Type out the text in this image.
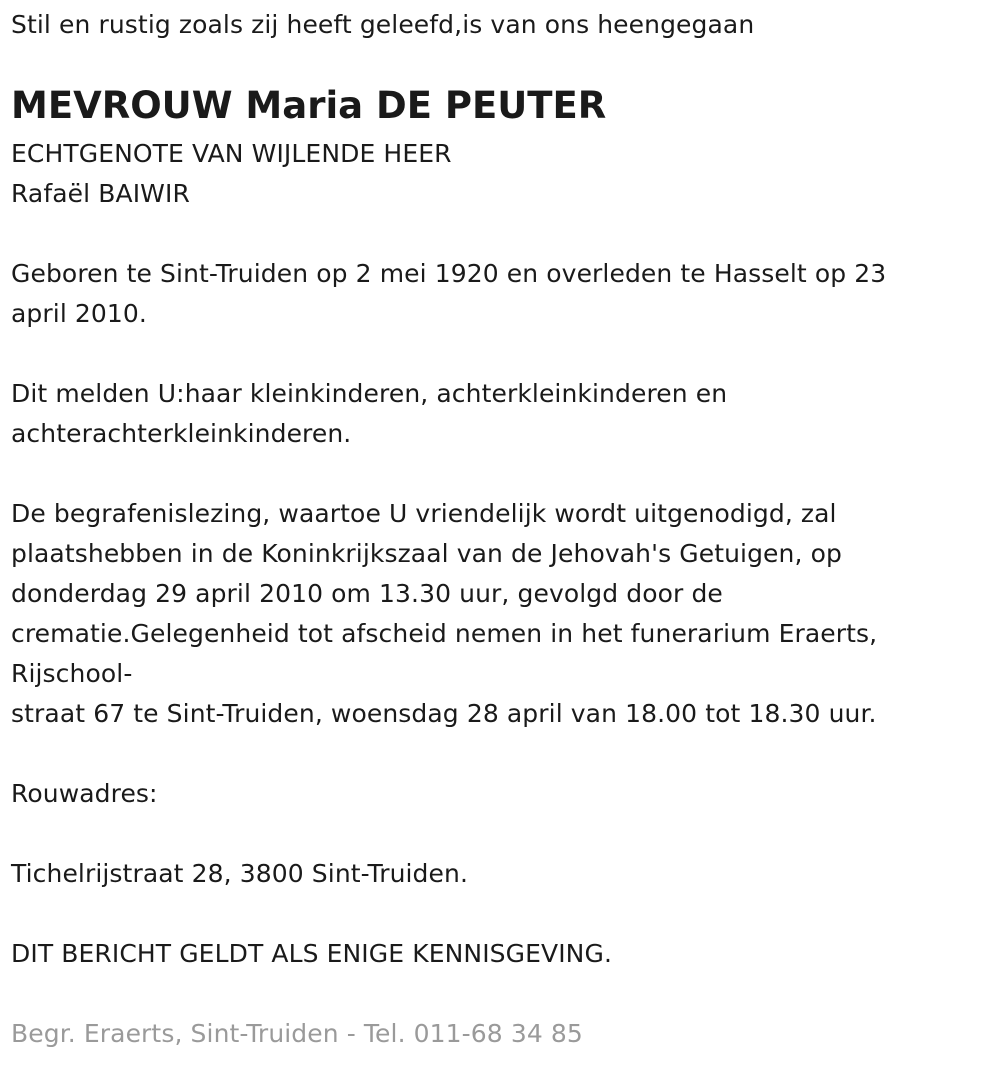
Stil en rustig zoals zij heeft geleefd,is van ons heengegaan
MEVROUW Maria DE PEUTER
ECHTGENOTE VAN WIJLENDE HEER
Rafaël BAIWIR
Geboren te Sint-Truiden op 2 mei 1920 en overleden te Hasselt op 23
april 2010.
Dit melden U:haar kleinkinderen, achterkleinkinderen en
achterachterkleinkinderen.
De begrafenislezing, waartoe U vriendelijk wordt uitgenodigd, zal
plaatshebben in de Koninkrijkszaal van de Jehovah's Getuigen, op
donderdag 29 april 2010 om 13.30 uur, gevolgd door de
crematie.Gelegenheid tot afscheid nemen in het funerarium Eraerts,
Rijschool-
straat 67 te Sint-Truiden, woensdag 28 april van 18.00 tot 18.30 uur.
Rouwadres:
Tichelrijstraat 28, 3800 Sint-Truiden.
DIT BERICHT GELDT ALS ENIGE KENNISGEVING.
Begr. Eraerts, Sint-Truiden - Tel. 011-68 34 85
